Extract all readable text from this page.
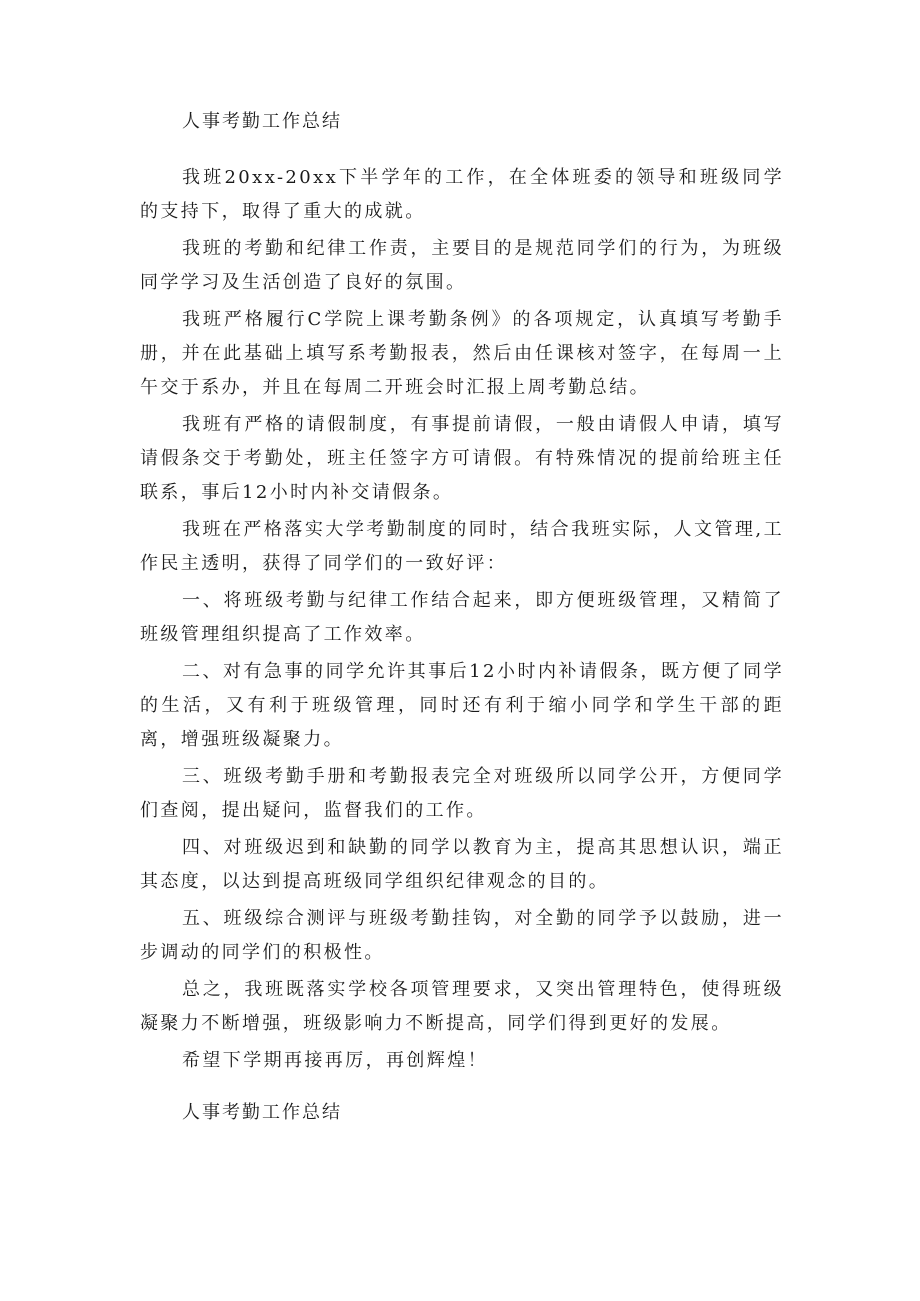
人事考勤工作总结

我班20xx-20xx下半学年的工作，在全体班委的领导和班级同学的支持下，取得了重大的成就。

我班的考勤和纪律工作责，主要目的是规范同学们的行为，为班级同学学习及生活创造了良好的氛围。

我班严格履行C学院上课考勤条例》的各项规定，认真填写考勤手册，并在此基础上填写系考勤报表，然后由任课核对签字，在每周一上午交于系办，并且在每周二开班会时汇报上周考勤总结。

我班有严格的请假制度，有事提前请假，一般由请假人申请，填写请假条交于考勤处，班主任签字方可请假。有特殊情况的提前给班主任联系，事后12小时内补交请假条。

我班在严格落实大学考勤制度的同时，结合我班实际，人文管理,工作民主透明，获得了同学们的一致好评：

一、将班级考勤与纪律工作结合起来，即方便班级管理，又精简了班级管理组织提高了工作效率。

二、对有急事的同学允许其事后12小时内补请假条，既方便了同学的生活，又有利于班级管理，同时还有利于缩小同学和学生干部的距离，增强班级凝聚力。

三、班级考勤手册和考勤报表完全对班级所以同学公开，方便同学们查阅，提出疑问，监督我们的工作。

四、对班级迟到和缺勤的同学以教育为主，提高其思想认识，端正其态度，以达到提高班级同学组织纪律观念的目的。

五、班级综合测评与班级考勤挂钩，对全勤的同学予以鼓励，进一步调动的同学们的积极性。

总之，我班既落实学校各项管理要求，又突出管理特色，使得班级凝聚力不断增强，班级影响力不断提高，同学们得到更好的发展。

希望下学期再接再厉，再创辉煌！

人事考勤工作总结
